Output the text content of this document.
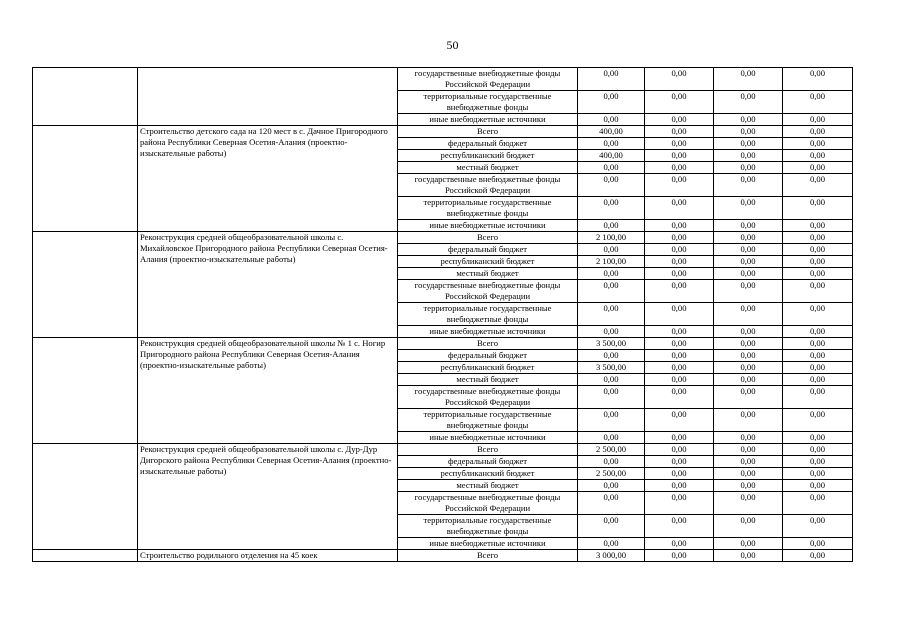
50
		государственные внебюджетные фонды Российской Федерации	0,00	0,00	0,00	0,00
		территориальные государственные внебюджетные фонды	0,00	0,00	0,00	0,00
		иные внебюджетные источники	0,00	0,00	0,00	0,00
	Строительство детского сада на 120 мест в с. Дачное Пригородного района Республики Северная Осетия-Алания (проектно-изыскательные работы)	Всего	400,00	0,00	0,00	0,00
		федеральный бюджет	0,00	0,00	0,00	0,00
		республиканский бюджет	400,00	0,00	0,00	0,00
		местный бюджет	0,00	0,00	0,00	0,00
		государственные внебюджетные фонды Российской Федерации	0,00	0,00	0,00	0,00
		территориальные государственные внебюджетные фонды	0,00	0,00	0,00	0,00
		иные внебюджетные источники	0,00	0,00	0,00	0,00
	Реконструкция средней общеобразовательной школы с. Михайловское Пригородного района Республики Северная Осетия-Алания (проектно-изыскательные работы)	Всего	2 100,00	0,00	0,00	0,00
		федеральный бюджет	0,00	0,00	0,00	0,00
		республиканский бюджет	2 100,00	0,00	0,00	0,00
		местный бюджет	0,00	0,00	0,00	0,00
		государственные внебюджетные фонды Российской Федерации	0,00	0,00	0,00	0,00
		территориальные государственные внебюджетные фонды	0,00	0,00	0,00	0,00
		иные внебюджетные источники	0,00	0,00	0,00	0,00
	Реконструкция средней общеобразовательной школы № 1 с. Ногир Пригородного района Республики Северная Осетия-Алания (проектно-изыскательные работы)	Всего	3 500,00	0,00	0,00	0,00
		федеральный бюджет	0,00	0,00	0,00	0,00
		республиканский бюджет	3 500,00	0,00	0,00	0,00
		местный бюджет	0,00	0,00	0,00	0,00
		государственные внебюджетные фонды Российской Федерации	0,00	0,00	0,00	0,00
		территориальные государственные внебюджетные фонды	0,00	0,00	0,00	0,00
		иные внебюджетные источники	0,00	0,00	0,00	0,00
	Реконструкция средней общеобразовательной школы с. Дур-Дур Дигорского района Республики Северная Осетия-Алания (проектно-изыскательные работы)	Всего	2 500,00	0,00	0,00	0,00
		федеральный бюджет	0,00	0,00	0,00	0,00
		республиканский бюджет	2 500,00	0,00	0,00	0,00
		местный бюджет	0,00	0,00	0,00	0,00
		государственные внебюджетные фонды Российской Федерации	0,00	0,00	0,00	0,00
		территориальные государственные внебюджетные фонды	0,00	0,00	0,00	0,00
		иные внебюджетные источники	0,00	0,00	0,00	0,00
	Строительство родильного отделения на 45 коек	Всего	3 000,00	0,00	0,00	0,00
